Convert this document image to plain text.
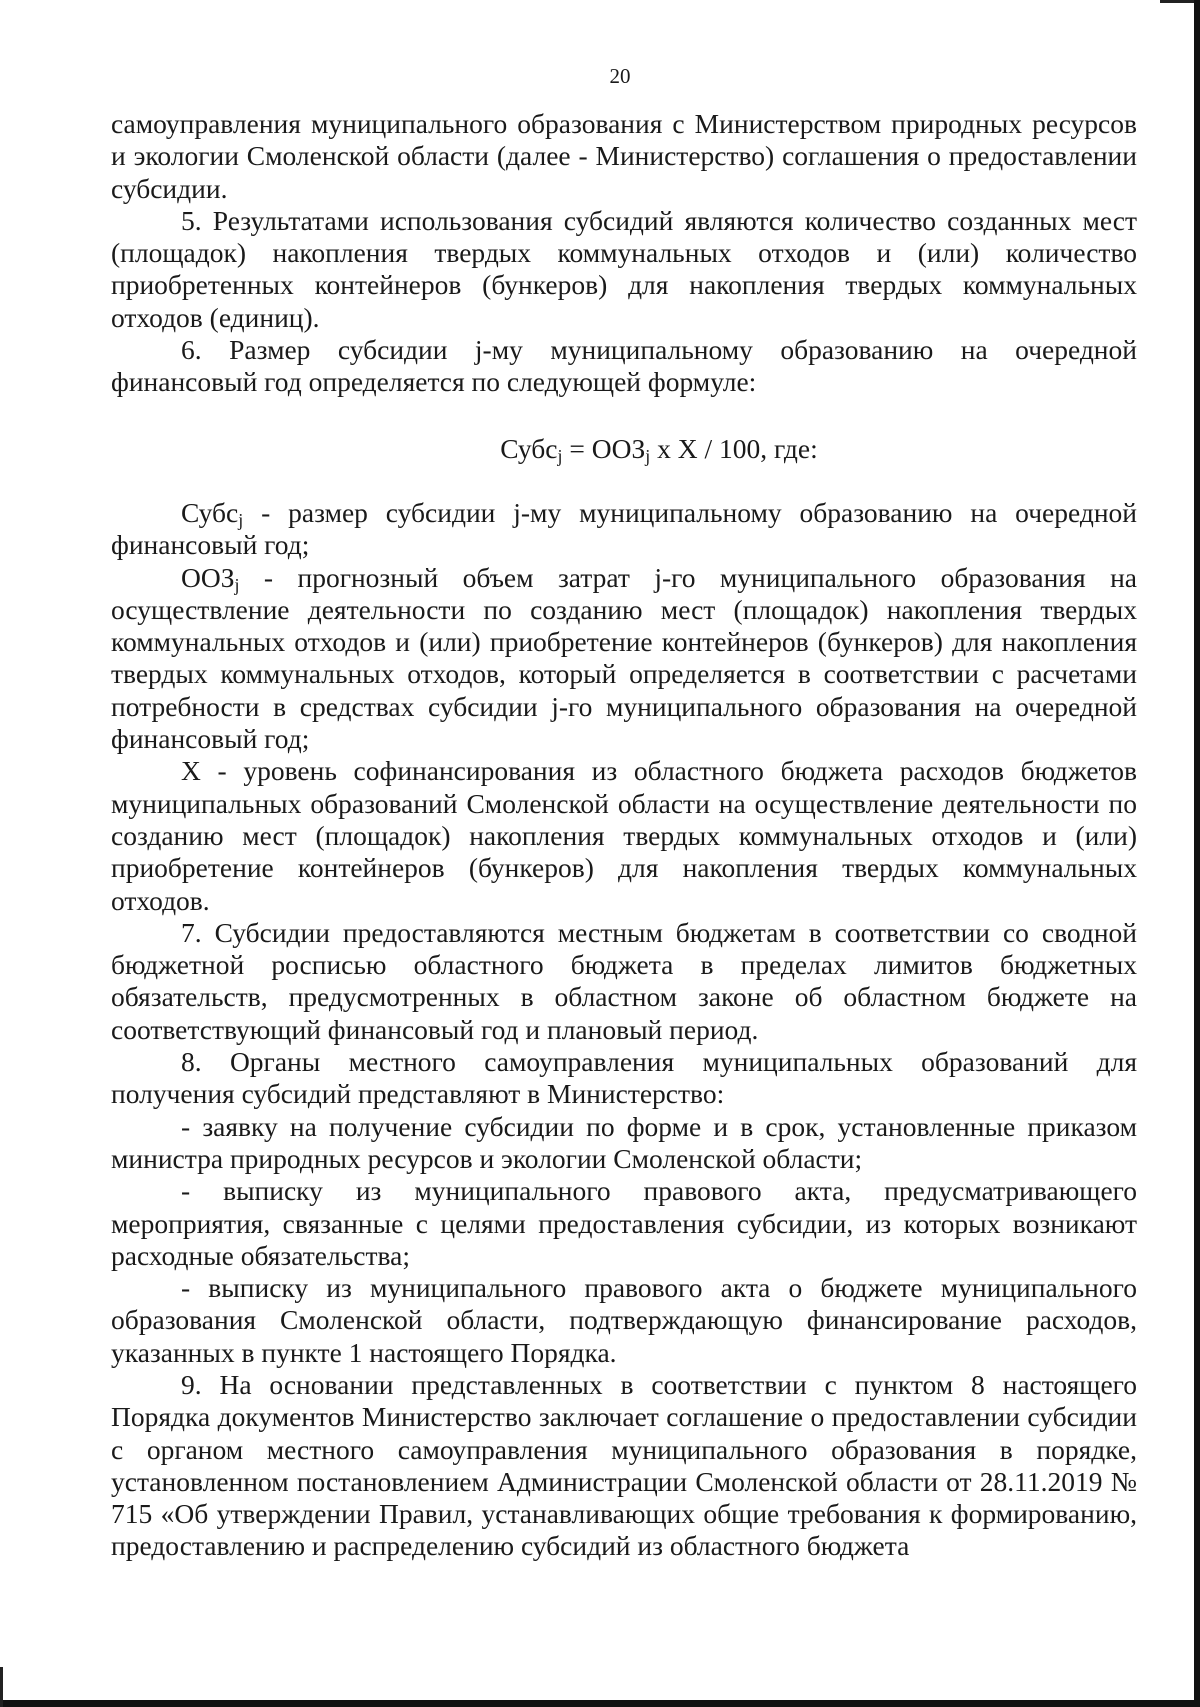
20

самоуправления муниципального образования с Министерством природных ресурсов и экологии Смоленской области (далее - Министерство) соглашения о предоставлении субсидии.

5. Результатами использования субсидий являются количество созданных мест (площадок) накопления твердых коммунальных отходов и (или) количество приобретенных контейнеров (бункеров) для накопления твердых коммунальных отходов (единиц).

6. Размер субсидии j-му муниципальному образованию на очередной финансовый год определяется по следующей формуле:

Субс$_j$ = $ООЗ_j$ x X / 100, где:

Субс$_j$ - размер субсидии j-му муниципальному образованию на очередной финансовый год;

$ООЗ_j$ - прогнозный объем затрат j-го муниципального образования на осуществление деятельности по созданию мест (площадок) накопления твердых коммунальных отходов и (или) приобретение контейнеров (бункеров) для накопления твердых коммунальных отходов, который определяется в соответствии с расчетами потребности в средствах субсидии j-го муниципального образования на очередной финансовый год;

X - уровень софинансирования из областного бюджета расходов бюджетов муниципальных образований Смоленской области на осуществление деятельности по созданию мест (площадок) накопления твердых коммунальных отходов и (или) приобретение контейнеров (бункеров) для накопления твердых коммунальных отходов.

7. Субсидии предоставляются местным бюджетам в соответствии со сводной бюджетной росписью областного бюджета в пределах лимитов бюджетных обязательств, предусмотренных в областном законе об областном бюджете на соответствующий финансовый год и плановый период.

8. Органы местного самоуправления муниципальных образований для получения субсидий представляют в Министерство:

- заявку на получение субсидии по форме и в срок, установленные приказом министра природных ресурсов и экологии Смоленской области;

- выписку из муниципального правового акта, предусматривающего мероприятия, связанные с целями предоставления субсидии, из которых возникают расходные обязательства;

- выписку из муниципального правового акта о бюджете муниципального образования Смоленской области, подтверждающую финансирование расходов, указанных в пункте 1 настоящего Порядка.

9. На основании представленных в соответствии с пунктом 8 настоящего Порядка документов Министерство заключает соглашение о предоставлении субсидии с органом местного самоуправления муниципального образования в порядке, установленном постановлением Администрации Смоленской области от 28.11.2019 № 715 «Об утверждении Правил, устанавливающих общие требования к формированию, предоставлению и распределению субсидий из областного бюджета
